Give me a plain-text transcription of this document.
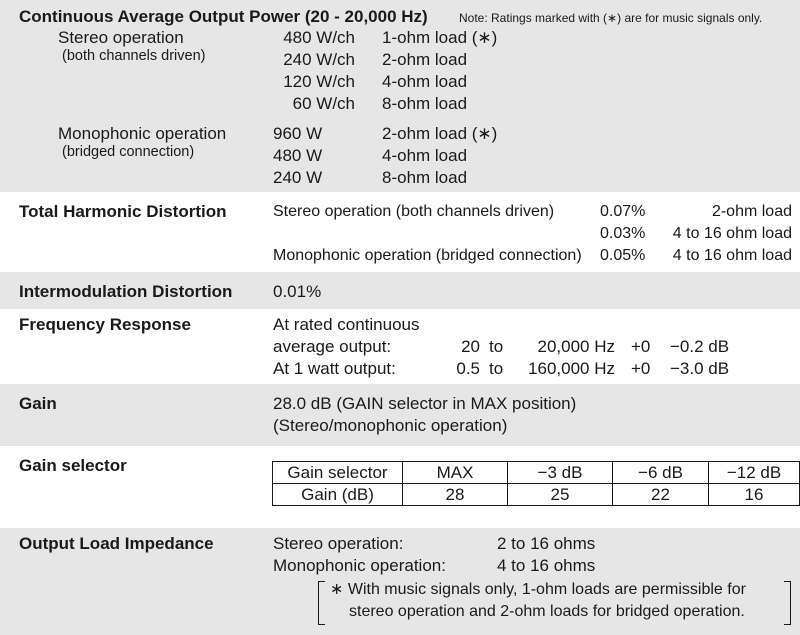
Continuous Average Output Power (20 - 20,000 Hz)	Note: Ratings marked with (∗) are for music signals only.
Stereo operation
(both channels driven)
480 W/ch 1-ohm load (∗)
240 W/ch 2-ohm load
120 W/ch 4-ohm load
60 W/ch 8-ohm load
Monophonic operation
(bridged connection)
960 W	2-ohm load (∗)
480 W	4-ohm load
240 W	8-ohm load
Total Harmonic Distortion	Stereo operation (both channels driven)	0.07%	2-ohm load
0.03%	4 to 16 ohm load
Monophonic operation (bridged connection) 0.05%	4 to 16 ohm load
Intermodulation Distortion 0.01%
Frequency Response	At rated continuous
average output:	20 to	20,000 Hz +0 −0.2 dB
At 1 watt output:	0.5 to	160,000 Hz +0 −3.0 dB
Gain	28.0 dB (GAIN selector in MAX position)
(Stereo/monophonic operation)
Gain selector	Gain selector	MAX	−3 dB	−6 dB	−12 dB
Gain (dB)	28	25	22	16
Output Load Impedance	Stereo operation:	2 to 16 ohms
Monophonic operation:	4 to 16 ohms
∗ With music signals only, 1-ohm loads are permissible for
stereo operation and 2-ohm loads for bridged operation.
